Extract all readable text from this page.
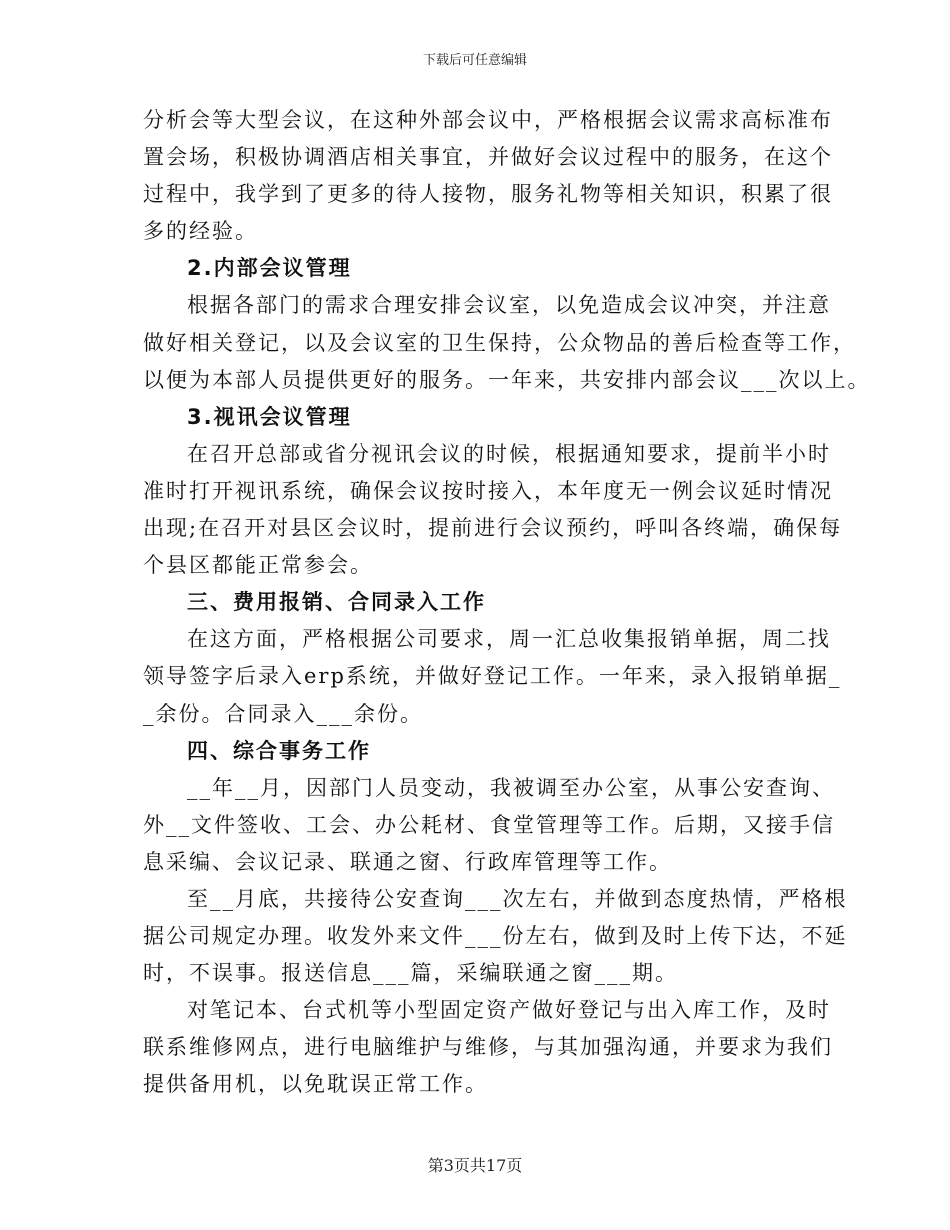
下载后可任意编辑
分析会等大型会议，在这种外部会议中，严格根据会议需求高标准布
置会场，积极协调酒店相关事宜，并做好会议过程中的服务，在这个
过程中，我学到了更多的待人接物，服务礼物等相关知识，积累了很
多的经验。
2.内部会议管理
根据各部门的需求合理安排会议室，以免造成会议冲突，并注意
做好相关登记，以及会议室的卫生保持，公众物品的善后检查等工作，
以便为本部人员提供更好的服务。一年来，共安排内部会议___次以上。
3.视讯会议管理
在召开总部或省分视讯会议的时候，根据通知要求，提前半小时
准时打开视讯系统，确保会议按时接入，本年度无一例会议延时情况
出现;在召开对县区会议时，提前进行会议预约，呼叫各终端，确保每
个县区都能正常参会。
三、费用报销、合同录入工作
在这方面，严格根据公司要求，周一汇总收集报销单据，周二找
领导签字后录入erp系统，并做好登记工作。一年来，录入报销单据_
_余份。合同录入___余份。
四、综合事务工作
__年__月，因部门人员变动，我被调至办公室，从事公安查询、
外__文件签收、工会、办公耗材、食堂管理等工作。后期，又接手信
息采编、会议记录、联通之窗、行政库管理等工作。
至__月底，共接待公安查询___次左右，并做到态度热情，严格根
据公司规定办理。收发外来文件___份左右，做到及时上传下达，不延
时，不误事。报送信息___篇，采编联通之窗___期。
对笔记本、台式机等小型固定资产做好登记与出入库工作，及时
联系维修网点，进行电脑维护与维修，与其加强沟通，并要求为我们
提供备用机，以免耽误正常工作。
第3页共17页
